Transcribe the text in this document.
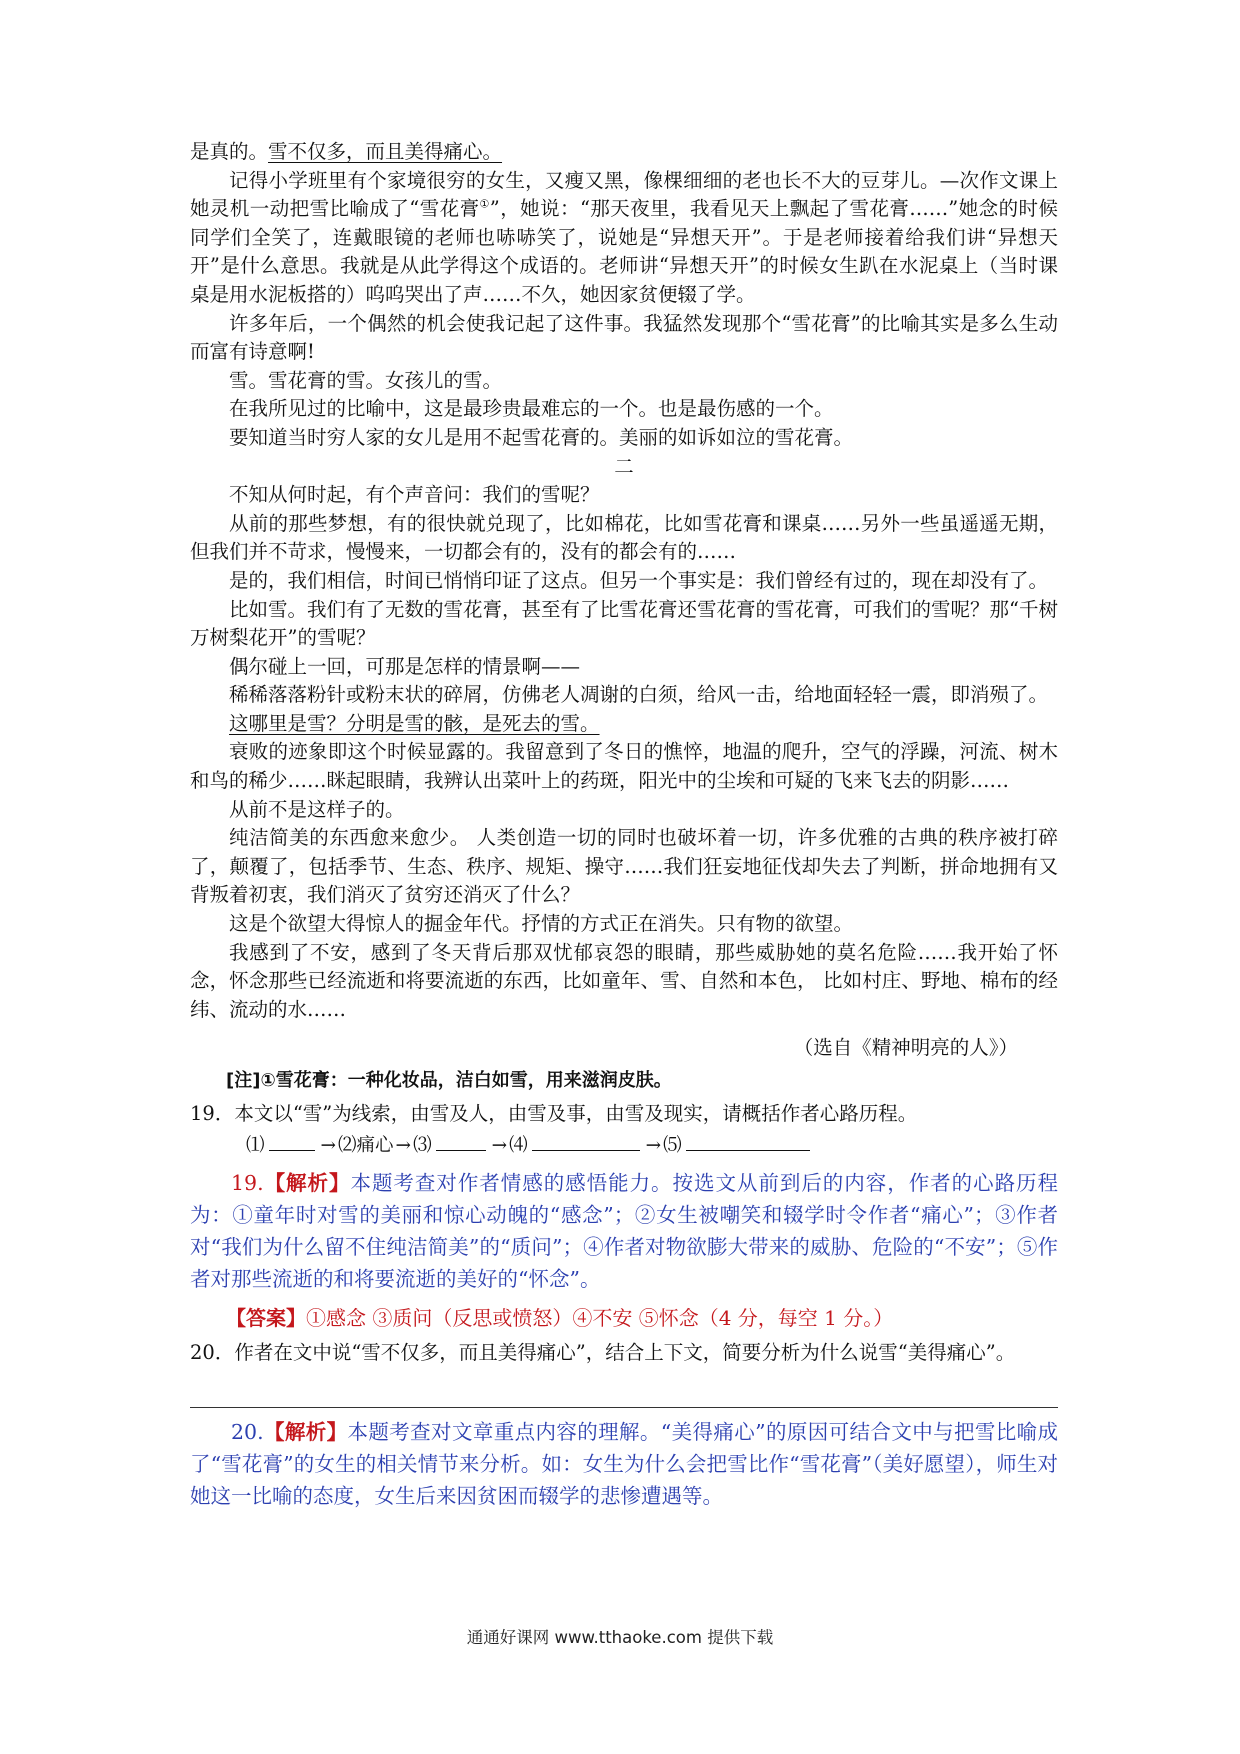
是真的。雪不仅多，而且美得痛心。

记得小学班里有个家境很穷的女生，又瘦又黑，像棵细细的老也长不大的豆芽儿。—次作文课上她灵机一动把雪比喻成了“雪花膏①”，她说：“那天夜里，我看见天上飘起了雪花膏……”她念的时候同学们全笑了，连戴眼镜的老师也哧哧笑了，说她是“异想天开”。于是老师接着给我们讲“异想天开”是什么意思。我就是从此学得这个成语的。老师讲“异想天开”的时候女生趴在水泥桌上（当时课桌是用水泥板搭的）呜呜哭出了声……不久，她因家贫便辍了学。

许多年后，一个偶然的机会使我记起了这件事。我猛然发现那个“雪花膏”的比喻其实是多么生动而富有诗意啊!

雪。雪花膏的雪。女孩儿的雪。

在我所见过的比喻中，这是最珍贵最难忘的一个。也是最伤感的一个。

要知道当时穷人家的女儿是用不起雪花膏的。美丽的如诉如泣的雪花膏。

二

不知从何时起，有个声音问：我们的雪呢？

从前的那些梦想，有的很快就兑现了，比如棉花，比如雪花膏和课桌……另外一些虽遥遥无期，但我们并不苛求，慢慢来，一切都会有的，没有的都会有的……

是的，我们相信，时间已悄悄印证了这点。但另一个事实是：我们曾经有过的，现在却没有了。

比如雪。我们有了无数的雪花膏，甚至有了比雪花膏还雪花膏的雪花膏，可我们的雪呢？那“千树万树梨花开”的雪呢？

偶尔碰上一回，可那是怎样的情景啊——

稀稀落落粉针或粉末状的碎屑，仿佛老人凋谢的白须，给风一击，给地面轻轻一震，即消殒了。

这哪里是雪？分明是雪的骸，是死去的雪。

衰败的迹象即这个时候显露的。我留意到了冬日的憔悴，地温的爬升，空气的浮躁，河流、树木和鸟的稀少……眯起眼睛，我辨认出菜叶上的药斑，阳光中的尘埃和可疑的飞来飞去的阴影……

从前不是这样子的。

纯洁简美的东西愈来愈少。 人类创造一切的同时也破坏着一切，许多优雅的古典的秩序被打碎了，颠覆了，包括季节、生态、秩序、规矩、操守……我们狂妄地征伐却失去了判断，拼命地拥有又背叛着初衷，我们消灭了贫穷还消灭了什么？

这是个欲望大得惊人的掘金年代。抒情的方式正在消失。只有物的欲望。

我感到了不安，感到了冬天背后那双忧郁哀怨的眼睛，那些威胁她的莫名危险……我开始了怀念，怀念那些已经流逝和将要流逝的东西，比如童年、雪、自然和本色， 比如村庄、野地、棉布的经纬、流动的水……

（选自《精神明亮的人》）

[注]①雪花膏：一种化妆品，洁白如雪，用来滋润皮肤。

19．本文以“雪”为线索，由雪及人，由雪及事，由雪及现实，请概括作者心路历程。

⑴	→ ⑵痛心 → ⑶	→ ⑷	→ ⑸

19.【解析】本题考查对作者情感的感悟能力。按选文从前到后的内容，作者的心路历程为：①童年时对雪的美丽和惊心动魄的“感念”；②女生被嘲笑和辍学时令作者“痛心”；③作者对“我们为什么留不住纯洁简美”的“质问”；④作者对物欲膨大带来的威胁、危险的“不安”；⑤作者对那些流逝的和将要流逝的美好的“怀念”。

【答案】①感念 ③质问（反思或愤怒）④不安 ⑤怀念（4 分，每空 1 分。）

20．作者在文中说“雪不仅多，而且美得痛心”，结合上下文，简要分析为什么说雪“美得痛心”。

20.【解析】本题考查对文章重点内容的理解。“美得痛心”的原因可结合文中与把雪比喻成了“雪花膏”的女生的相关情节来分析。如：女生为什么会把雪比作“雪花膏”（美好愿望），师生对她这一比喻的态度，女生后来因贫困而辍学的悲惨遭遇等。

通通好课网 www.tthaoke.com 提供下载
